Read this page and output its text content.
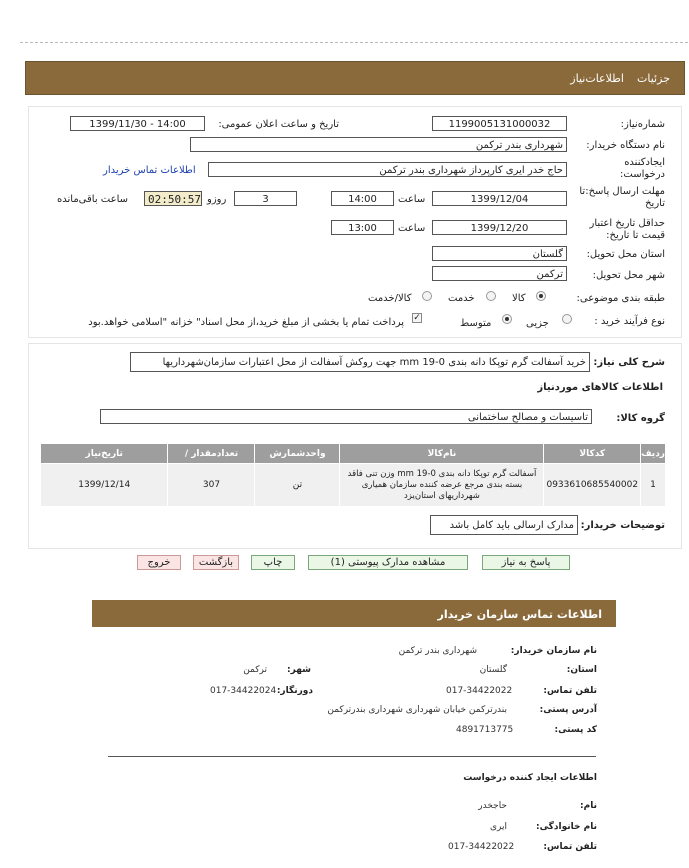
جزئیات
اطلاعات‌نیاز
شماره‌نیاز:
1199005131000032
تاریخ و ساعت اعلان عمومی:
1399/11/30 - 14:00
نام دستگاه خریدار:
شهرداری بندر ترکمن
ایجادکننده
درخواست:
حاج خدر ایری کارپرداز شهرداری بندر ترکمن
اطلاعات تماس خریدار
مهلت ارسال پاسخ:تا
تاریخ
1399/12/04
ساعت
14:00
3
روزو
02:50:57
ساعت باقی‌مانده
حداقل تاریخ اعتبار
قیمت تا تاریخ:
1399/12/20
ساعت
13:00
استان محل تحویل:
گلستان
شهر محل تحویل:
ترکمن
طبقه بندی موضوعی:
کالا
خدمت
کالا/خدمت
نوع فرآیند خرید :
جزیی
متوسط
✓
پرداخت تمام یا بخشی از مبلغ خرید،از محل اسناد" خزانه "اسلامی خواهد.بود
شرح کلی نیاز:
خرید آسفالت گرم توپکا دانه بندی 0-19 mm جهت روکش آسفالت از محل اعتبارات سازمان‌شهرداریها
اطلاعات کالاهای موردنیاز
گروه کالا:
تاسیسات و مصالح ساختمانی
ردیف	کدکالا	نام‌کالا	واحدشمارش	تعدادمقدار /	تاریخ‌نیاز
1	0933610685540002	آسفالت گرم توپکا دانه بندی 0-19 mm وزن تنی فاقد بسته بندی مرجع عرضه کننده سازمان همیاری شهرداریهای استان‌یزد	تن	307	1399/12/14
توضیحات خریدار:
مدارک ارسالی باید کامل باشد
پاسخ به نیاز
مشاهده مدارک پیوستی (1)
چاپ
بازگشت
خروج
اطلاعات تماس سازمان خریدار
نام سازمان خریدار:
شهرداری بندر ترکمن
استان:
گلستان
شهر:
ترکمن
تلفن تماس:
017-34422022
دورنگار:
017-34422024
آدرس پستی:
بندرترکمن خیابان شهرداری شهرداری بندرترکمن
کد پستی:
4891713775
اطلاعات ایجاد کننده درخواست
نام:
حاجخدر
نام خانوادگی:
ایری
تلفن تماس:
017-34422022
